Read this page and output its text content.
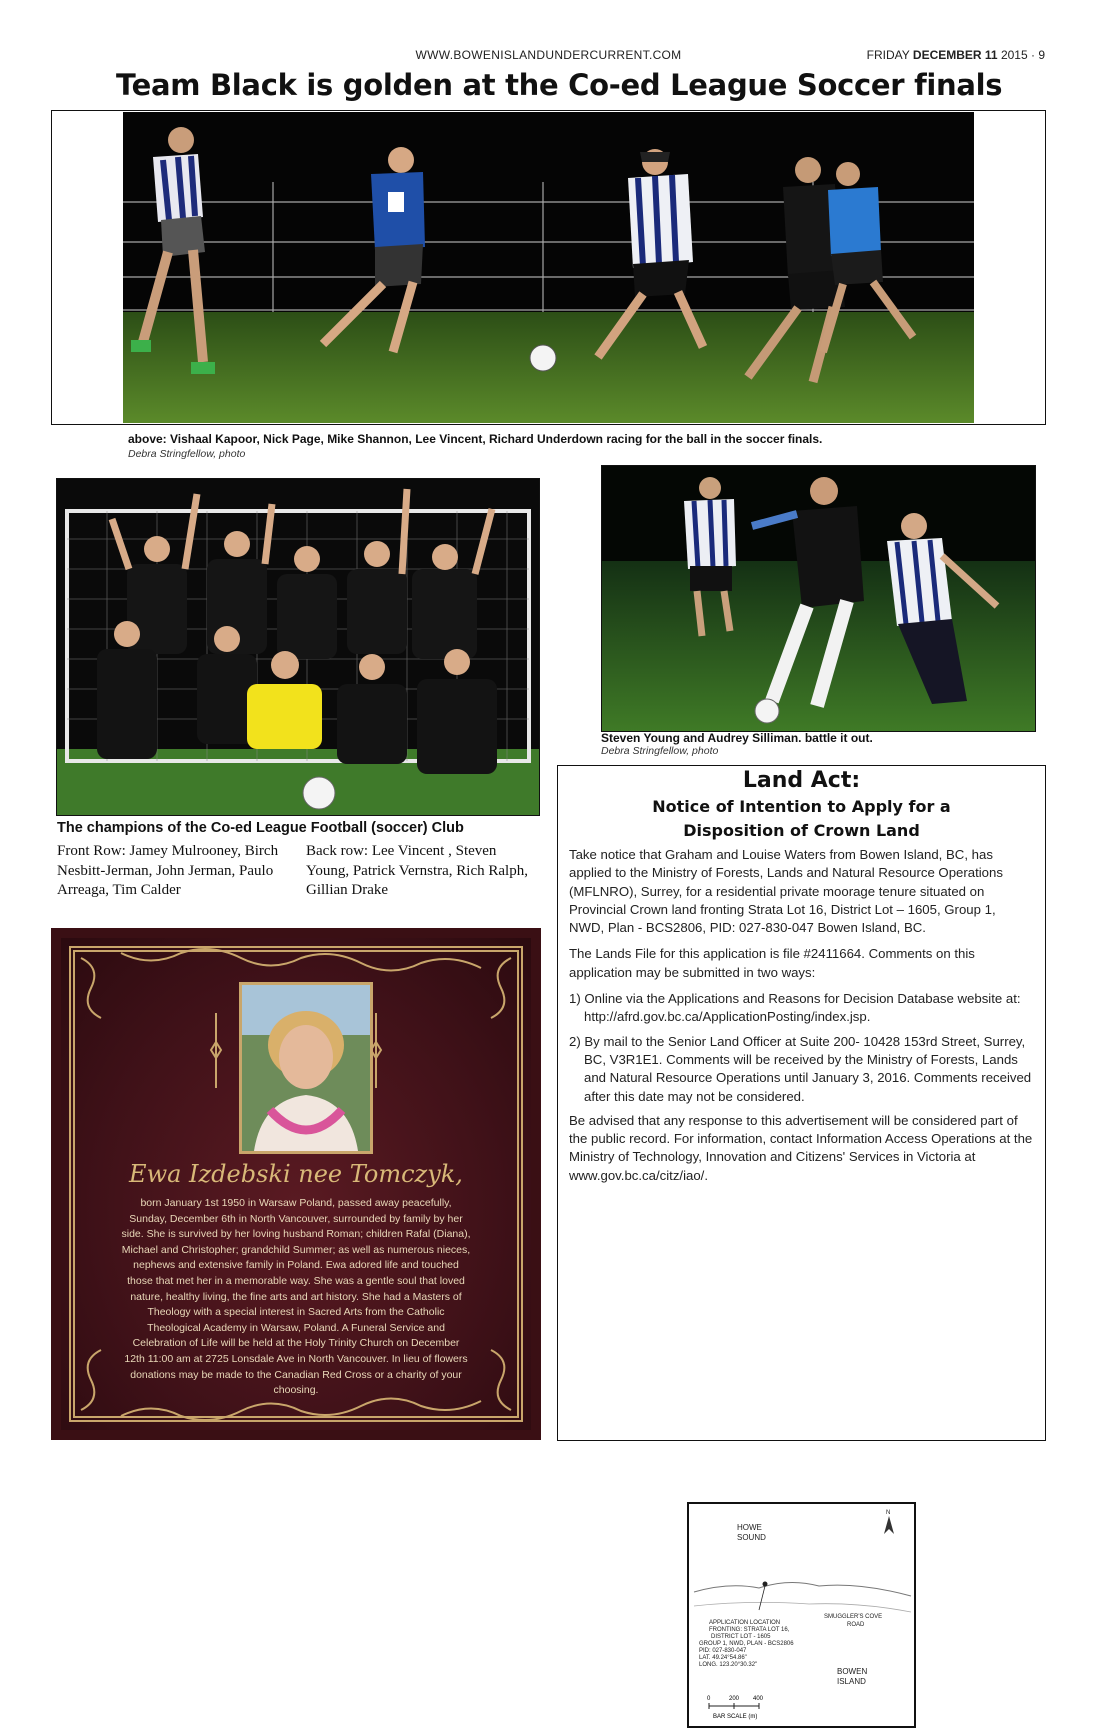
WWW.BOWENISLANDUNDERCURRENT.COM	FRIDAY DECEMBER 11 2015 · 9
Team Black is golden at the Co-ed League Soccer finals
above: Vishaal Kapoor, Nick Page, Mike Shannon, Lee Vincent, Richard Underdown racing for the ball in the soccer finals.
Debra Stringfellow, photo
The champions of the Co-ed League Football (soccer) Club
Front Row: Jamey Mulrooney, Birch Nesbitt-Jerman, John Jerman, Paulo Arreaga, Tim Calder
Back row: Lee Vincent , Steven Young, Patrick Vernstra, Rich Ralph, Gillian Drake
Steven Young and Audrey Silliman. battle it out.
Debra Stringfellow, photo
Ewa Izdebski nee Tomczyk,
born January 1st 1950 in Warsaw Poland, passed away peacefully, Sunday, December 6th in North Vancouver, surrounded by family by her side. She is survived by her loving husband Roman; children Rafal (Diana), Michael and Christopher; grandchild Summer; as well as numerous nieces, nephews and extensive family in Poland. Ewa adored life and touched those that met her in a memorable way. She was a gentle soul that loved nature, healthy living, the fine arts and art history. She had a Masters of Theology with a special interest in Sacred Arts from the Catholic Theological Academy in Warsaw, Poland. A Funeral Service and Celebration of Life will be held at the Holy Trinity Church on December 12th 11:00 am at 2725 Lonsdale Ave in North Vancouver. In lieu of flowers donations may be made to the Canadian Red Cross or a charity of your choosing.
Land Act:
Notice of Intention to Apply for a Disposition of Crown Land

Take notice that Graham and Louise Waters from Bowen Island, BC, has applied to the Ministry of Forests, Lands and Natural Resource Operations (MFLNRO), Surrey, for a residential private moorage tenure situated on Provincial Crown land fronting Strata Lot 16, District Lot – 1605, Group 1, NWD, Plan - BCS2806, PID: 027-830-047 Bowen Island, BC.

The Lands File for this application is file #2411664. Comments on this application may be submitted in two ways:

1) Online via the Applications and Reasons for Decision Database website at: http://afrd.gov.bc.ca/ApplicationPosting/index.jsp.

2) By mail to the Senior Land Officer at Suite 200- 10428 153rd Street, Surrey, BC, V3R1E1. Comments will be received by the Ministry of Forests, Lands and Natural Resource Operations until January 3, 2016. Comments received after this date may not be considered.

Be advised that any response to this advertisement will be considered part of the public record. For information, contact Information Access Operations at the Ministry of Technology, Innovation and Citizens' Services in Victoria at www.gov.bc.ca/citz/iao/.

HOWE SOUND
N
APPLICATION LOCATION FRONTING: STRATA LOT 16, DISTRICT LOT - 1605 GROUP 1, NWD, PLAN - BCS2806 PID: 027-830-047 LAT. 49.24°54.86" LONG. 123.20°30.32"
SMUGGLER'S COVE ROAD
BOWEN ISLAND
0	200 400
BAR SCALE (m)
